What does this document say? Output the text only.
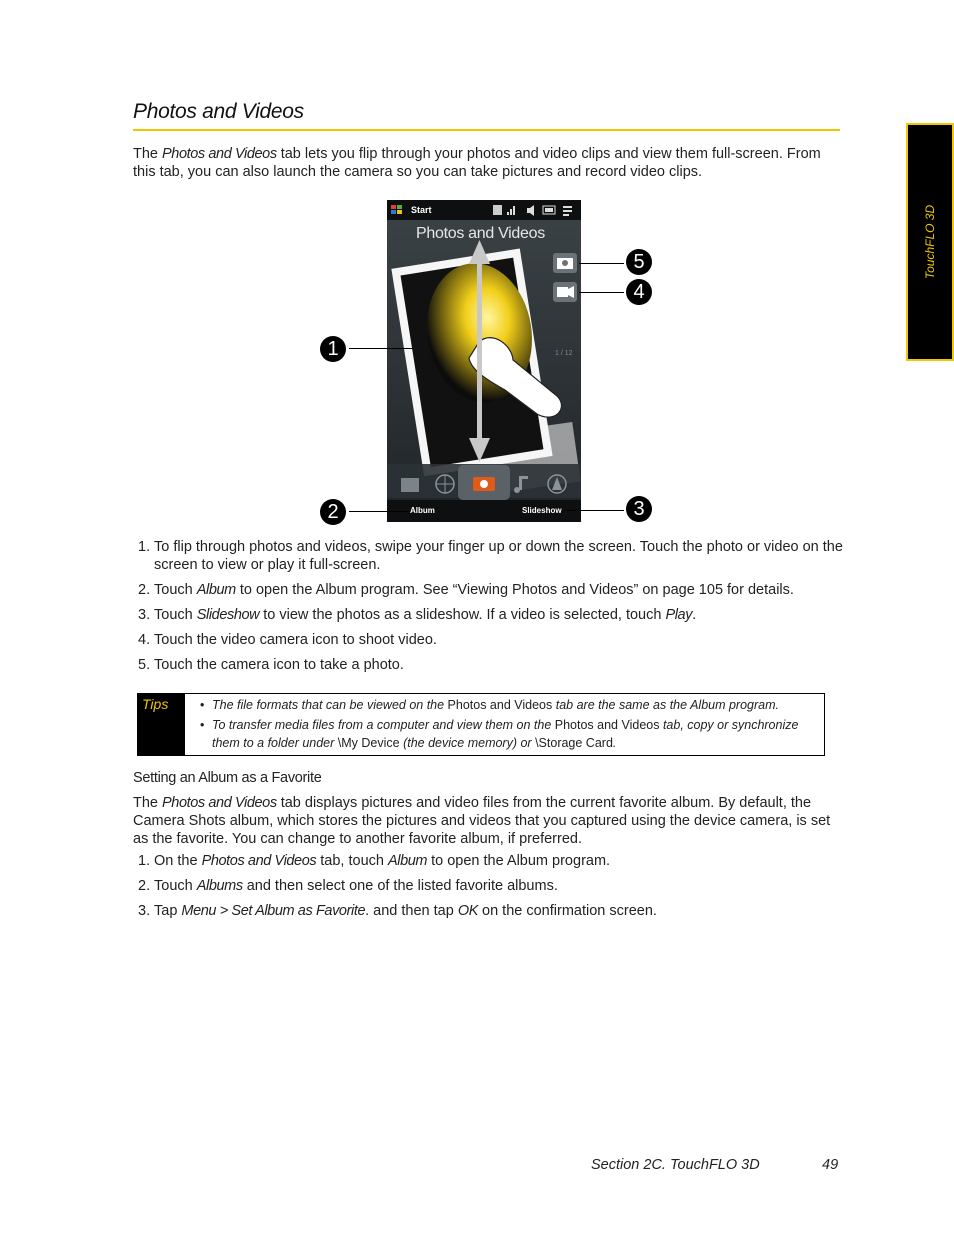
Photos and Videos
TouchFLO 3D
The Photos and Videos tab lets you flip through your photos and video clips and view them full-screen. From this tab, you can also launch the camera so you can take pictures and record video clips.
Start
Photos and Videos
1 / 12
Album	Slideshow
1
2	3
4
5
1. To flip through photos and videos, swipe your finger up or down the screen. Touch the photo or video on the screen to view or play it full-screen.
2. Touch Album to open the Album program. See “Viewing Photos and Videos” on page 105 for details.
3. Touch Slideshow to view the photos as a slideshow. If a video is selected, touch Play.
4. Touch the video camera icon to shoot video.
5. Touch the camera icon to take a photo.
Tips
•	The file formats that can be viewed on the Photos and Videos tab are the same as the Album program.
• To transfer media files from a computer and view them on the Photos and Videos tab, copy or synchronize them to a folder under \My Device (the device memory) or \Storage Card.
Setting an Album as a Favorite
The Photos and Videos tab displays pictures and video files from the current favorite album. By default, the Camera Shots album, which stores the pictures and videos that you captured using the device camera, is set as the favorite. You can change to another favorite album, if preferred.
1. On the Photos and Videos tab, touch Album to open the Album program.
2. Touch Albums and then select one of the listed favorite albums.
3. Tap Menu > Set Album as Favorite. and then tap OK on the confirmation screen.
Section 2C. TouchFLO 3D	49
